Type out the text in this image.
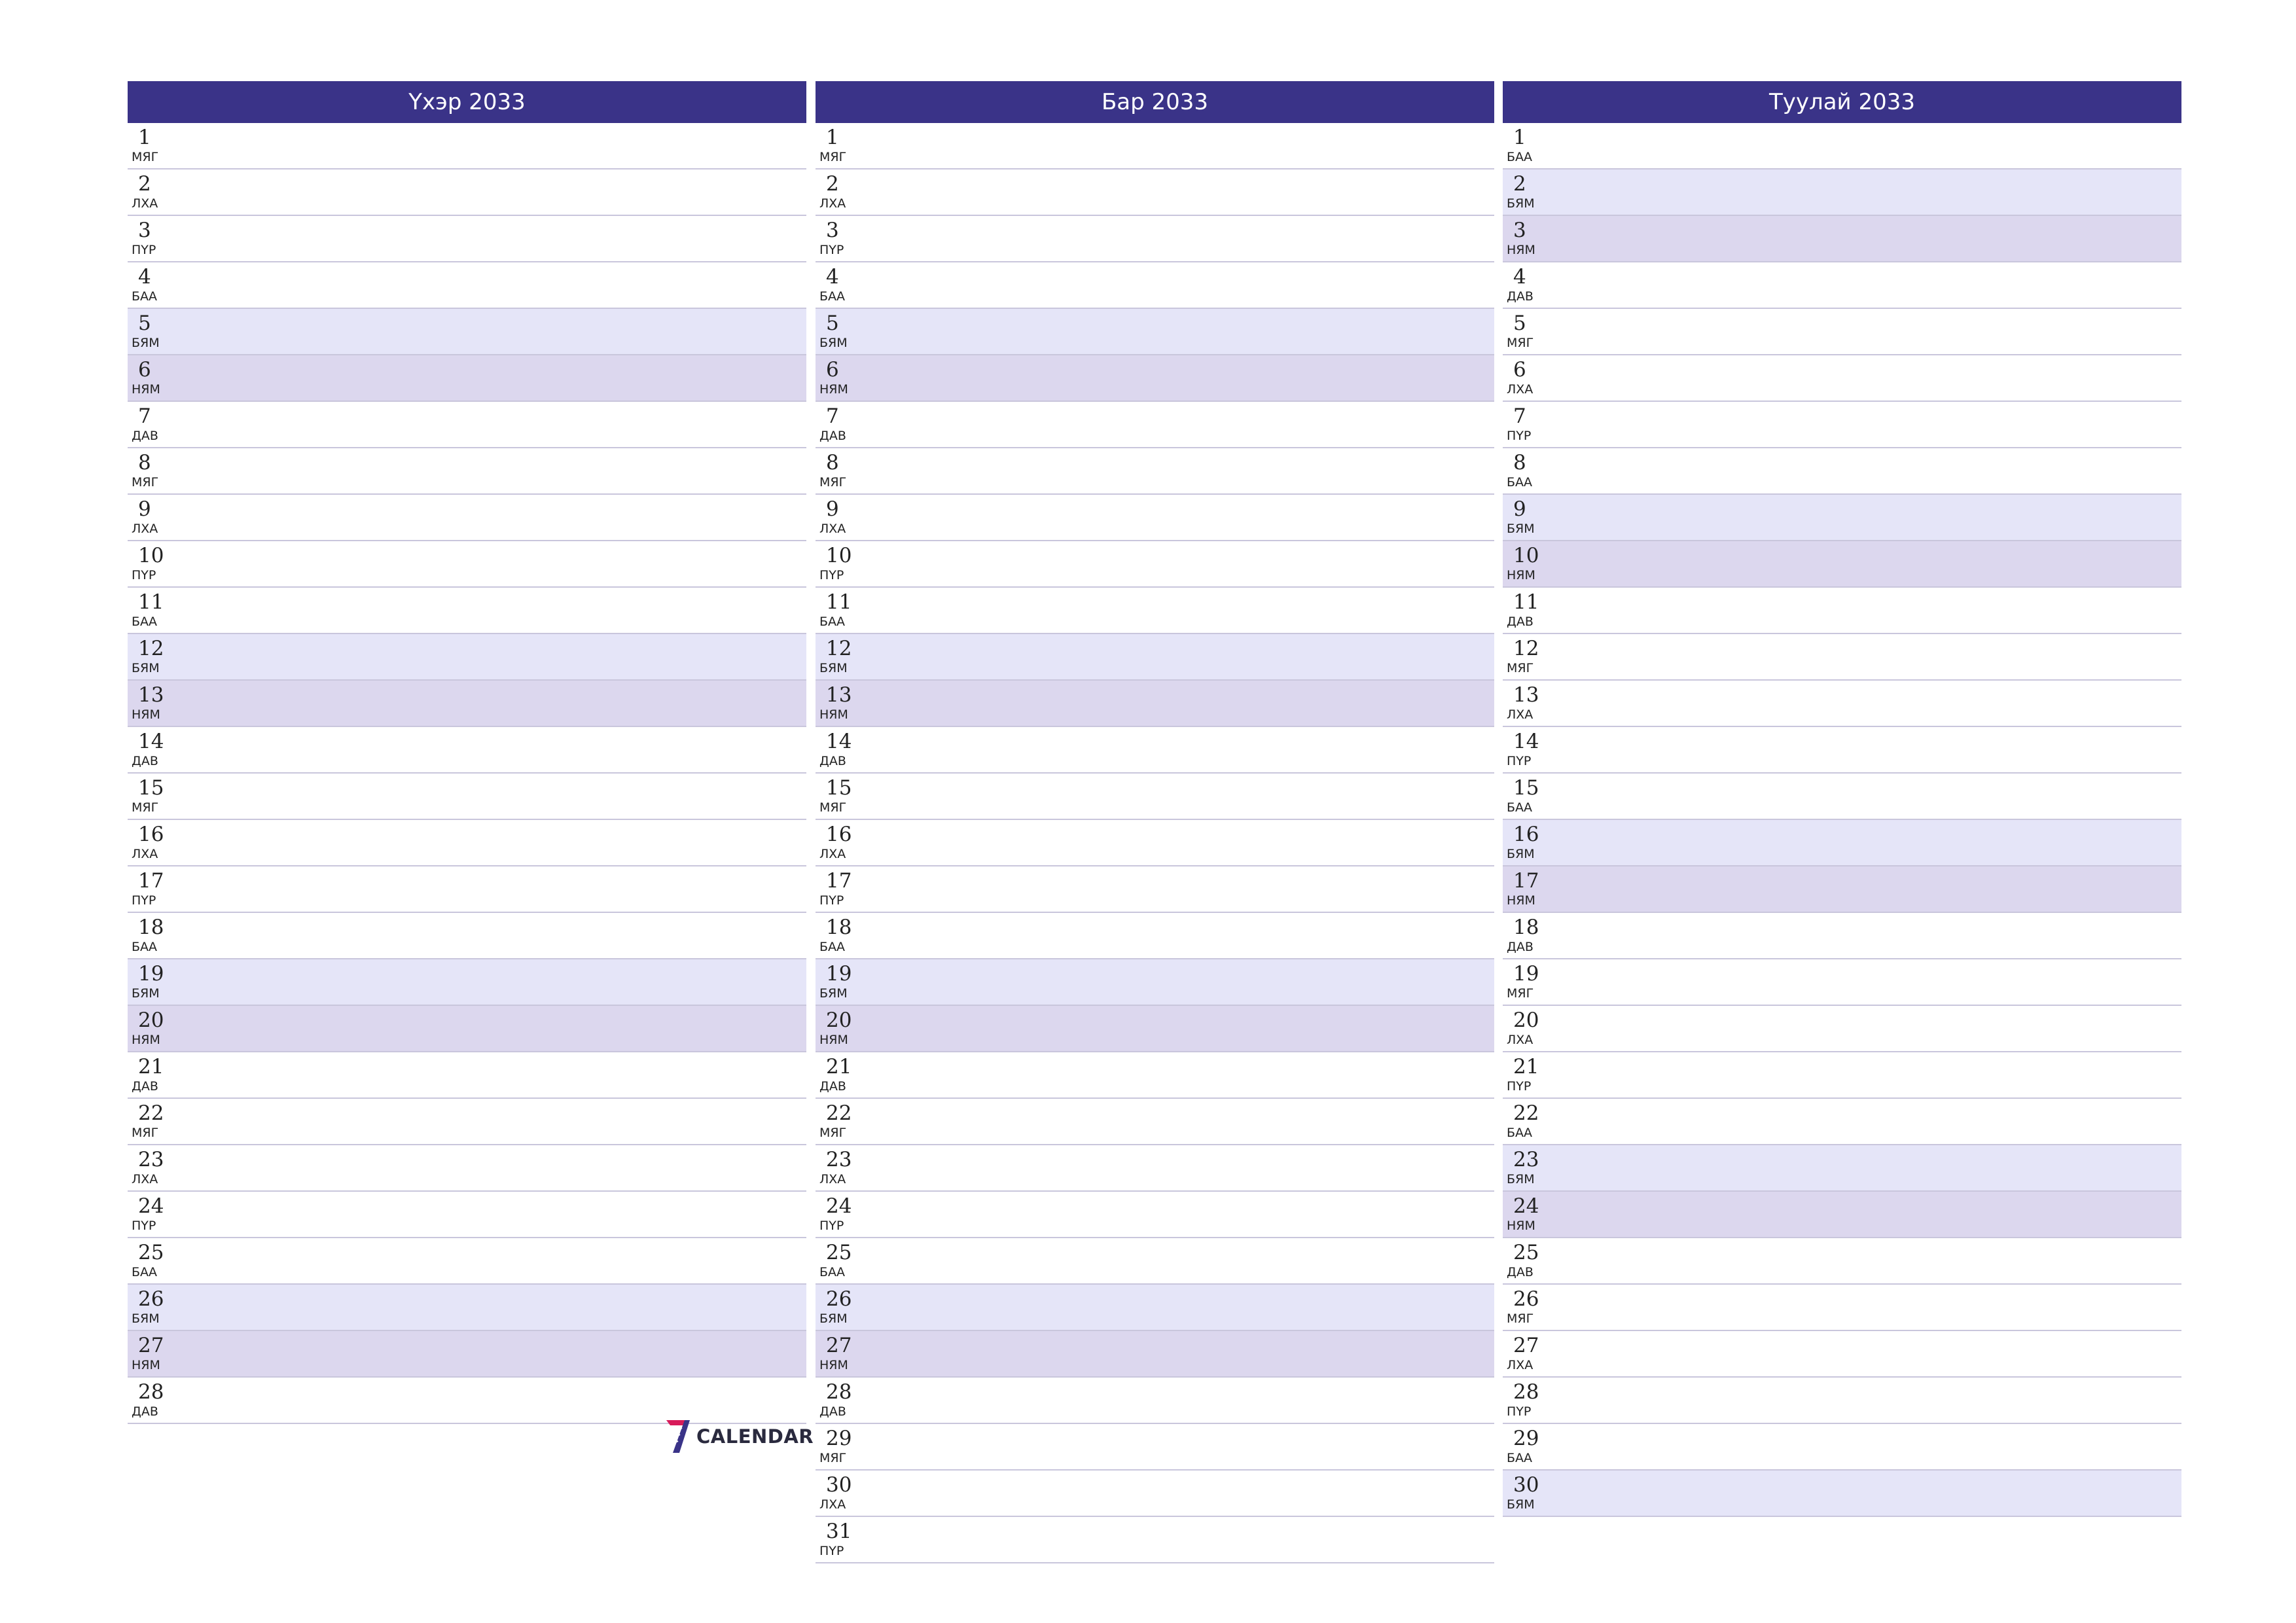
Үхэр 2033
1
МЯГ
2
ЛХА
3
ПҮР
4
БАА
5
БЯМ
6
НЯМ
7
ДАВ
8
МЯГ
9
ЛХА
10
ПҮР
11
БАА
12
БЯМ
13
НЯМ
14
ДАВ
15
МЯГ
16
ЛХА
17
ПҮР
18
БАА
19
БЯМ
20
НЯМ
21
ДАВ
22
МЯГ
23
ЛХА
24
ПҮР
25
БАА
26
БЯМ
27
НЯМ
28
ДАВ
Бар 2033
1
МЯГ
2
ЛХА
3
ПҮР
4
БАА
5
БЯМ
6
НЯМ
7
ДАВ
8
МЯГ
9
ЛХА
10
ПҮР
11
БАА
12
БЯМ
13
НЯМ
14
ДАВ
15
МЯГ
16
ЛХА
17
ПҮР
18
БАА
19
БЯМ
20
НЯМ
21
ДАВ
22
МЯГ
23
ЛХА
24
ПҮР
25
БАА
26
БЯМ
27
НЯМ
28
ДАВ
29
МЯГ
30
ЛХА
31
ПҮР
Туулай 2033
1
БАА
2
БЯМ
3
НЯМ
4
ДАВ
5
МЯГ
6
ЛХА
7
ПҮР
8
БАА
9
БЯМ
10
НЯМ
11
ДАВ
12
МЯГ
13
ЛХА
14
ПҮР
15
БАА
16
БЯМ
17
НЯМ
18
ДАВ
19
МЯГ
20
ЛХА
21
ПҮР
22
БАА
23
БЯМ
24
НЯМ
25
ДАВ
26
МЯГ
27
ЛХА
28
ПҮР
29
БАА
30
БЯМ
CALENDAR
